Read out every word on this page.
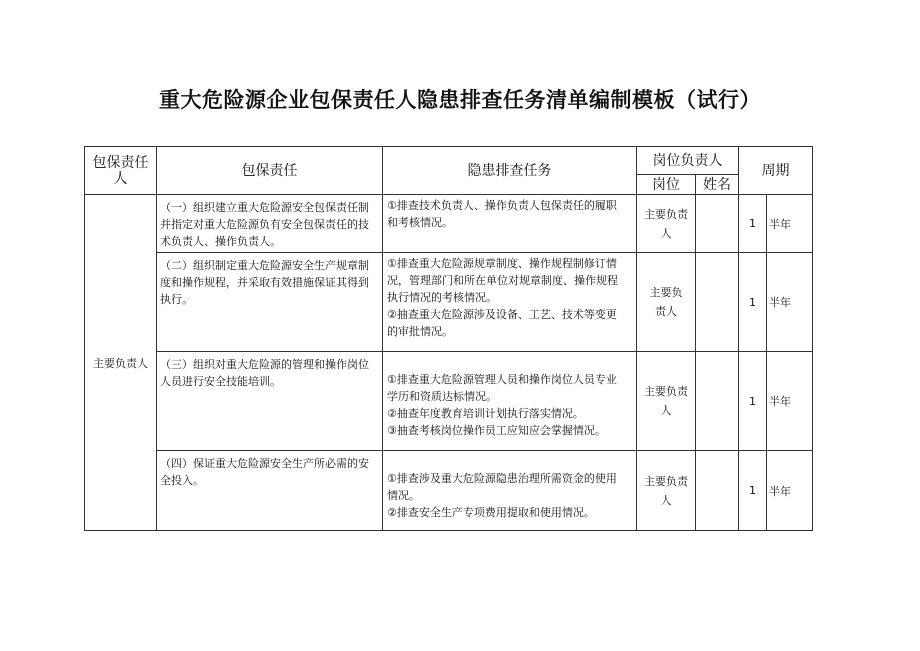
重大危险源企业包保责任人隐患排查任务清单编制模板（试行）
包保责任人	包保责任	隐患排查任务	岗位负责人		周期	
			岗位	姓名		
主要负责人	（一）组织建立重大危险源安全包保责任制并指定对重大危险源负有安全包保责任的技术负责人、操作负责人。	①排查技术负责人、操作负责人包保责任的履职
和考核情况。	主要负责人		1	半年
	（二）组织制定重大危险源安全生产规章制度和操作规程，并采取有效措施保证其得到执行。	①排查重大危险源规章制度、操作规程制修订情
况，管理部门和所在单位对规章制度、操作规程
执行情况的考核情况。
②抽查重大危险源涉及设备、工艺、技术等变更
的审批情况。	主要负责人		1	半年
	（三）组织对重大危险源的管理和操作岗位人员进行安全技能培训。	①排查重大危险源管理人员和操作岗位人员专业
学历和资质达标情况。
②抽查年度教育培训计划执行落实情况。
③抽查考核岗位操作员工应知应会掌握情况。	主要负责人		1	半年
	（四）保证重大危险源安全生产所必需的安全投入。	①排查涉及重大危险源隐患治理所需资金的使用
情况。
②排查安全生产专项费用提取和使用情况。	主要负责人		1	半年
